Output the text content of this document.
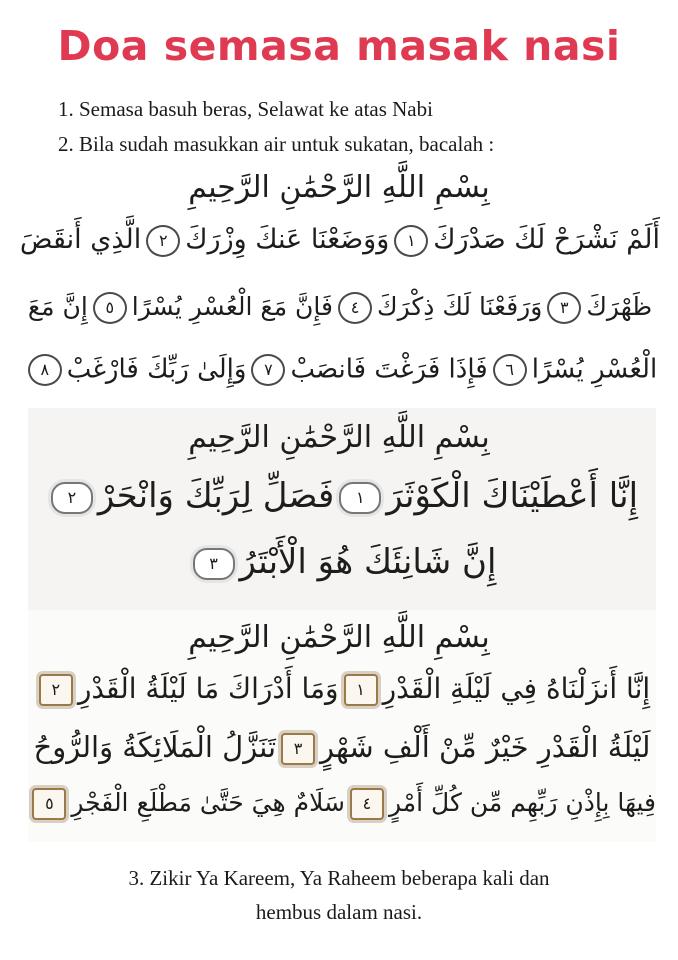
Doa semasa masak nasi
1. Semasa basuh beras, Selawat ke atas Nabi
2. Bila sudah masukkan air untuk sukatan, bacalah :
بِسْمِ اللَّهِ الرَّحْمَٰنِ الرَّحِيمِ
أَلَمْ نَشْرَحْ لَكَ صَدْرَكَ١وَوَضَعْنَا عَنكَ وِزْرَكَ٢الَّذِي أَنقَضَ
ظَهْرَكَ٣وَرَفَعْنَا لَكَ ذِكْرَكَ٤فَإِنَّ مَعَ الْعُسْرِ يُسْرًا٥إِنَّ مَعَ
الْعُسْرِ يُسْرًا٦فَإِذَا فَرَغْتَ فَانصَبْ٧وَإِلَىٰ رَبِّكَ فَارْغَبْ٨
بِسْمِ اللَّهِ الرَّحْمَٰنِ الرَّحِيمِ
إِنَّا أَعْطَيْنَاكَ الْكَوْثَرَ١فَصَلِّ لِرَبِّكَ وَانْحَرْ٢
إِنَّ شَانِئَكَ هُوَ الْأَبْتَرُ٣
بِسْمِ اللَّهِ الرَّحْمَٰنِ الرَّحِيمِ
إِنَّا أَنزَلْنَاهُ فِي لَيْلَةِ الْقَدْرِ١وَمَا أَدْرَاكَ مَا لَيْلَةُ الْقَدْرِ٢
لَيْلَةُ الْقَدْرِ خَيْرٌ مِّنْ أَلْفِ شَهْرٍ٣تَنَزَّلُ الْمَلَائِكَةُ وَالرُّوحُ
فِيهَا بِإِذْنِ رَبِّهِم مِّن كُلِّ أَمْرٍ٤سَلَامٌ هِيَ حَتَّىٰ مَطْلَعِ الْفَجْرِ٥
3. Zikir Ya Kareem, Ya Raheem beberapa kali dan
hembus dalam nasi.
